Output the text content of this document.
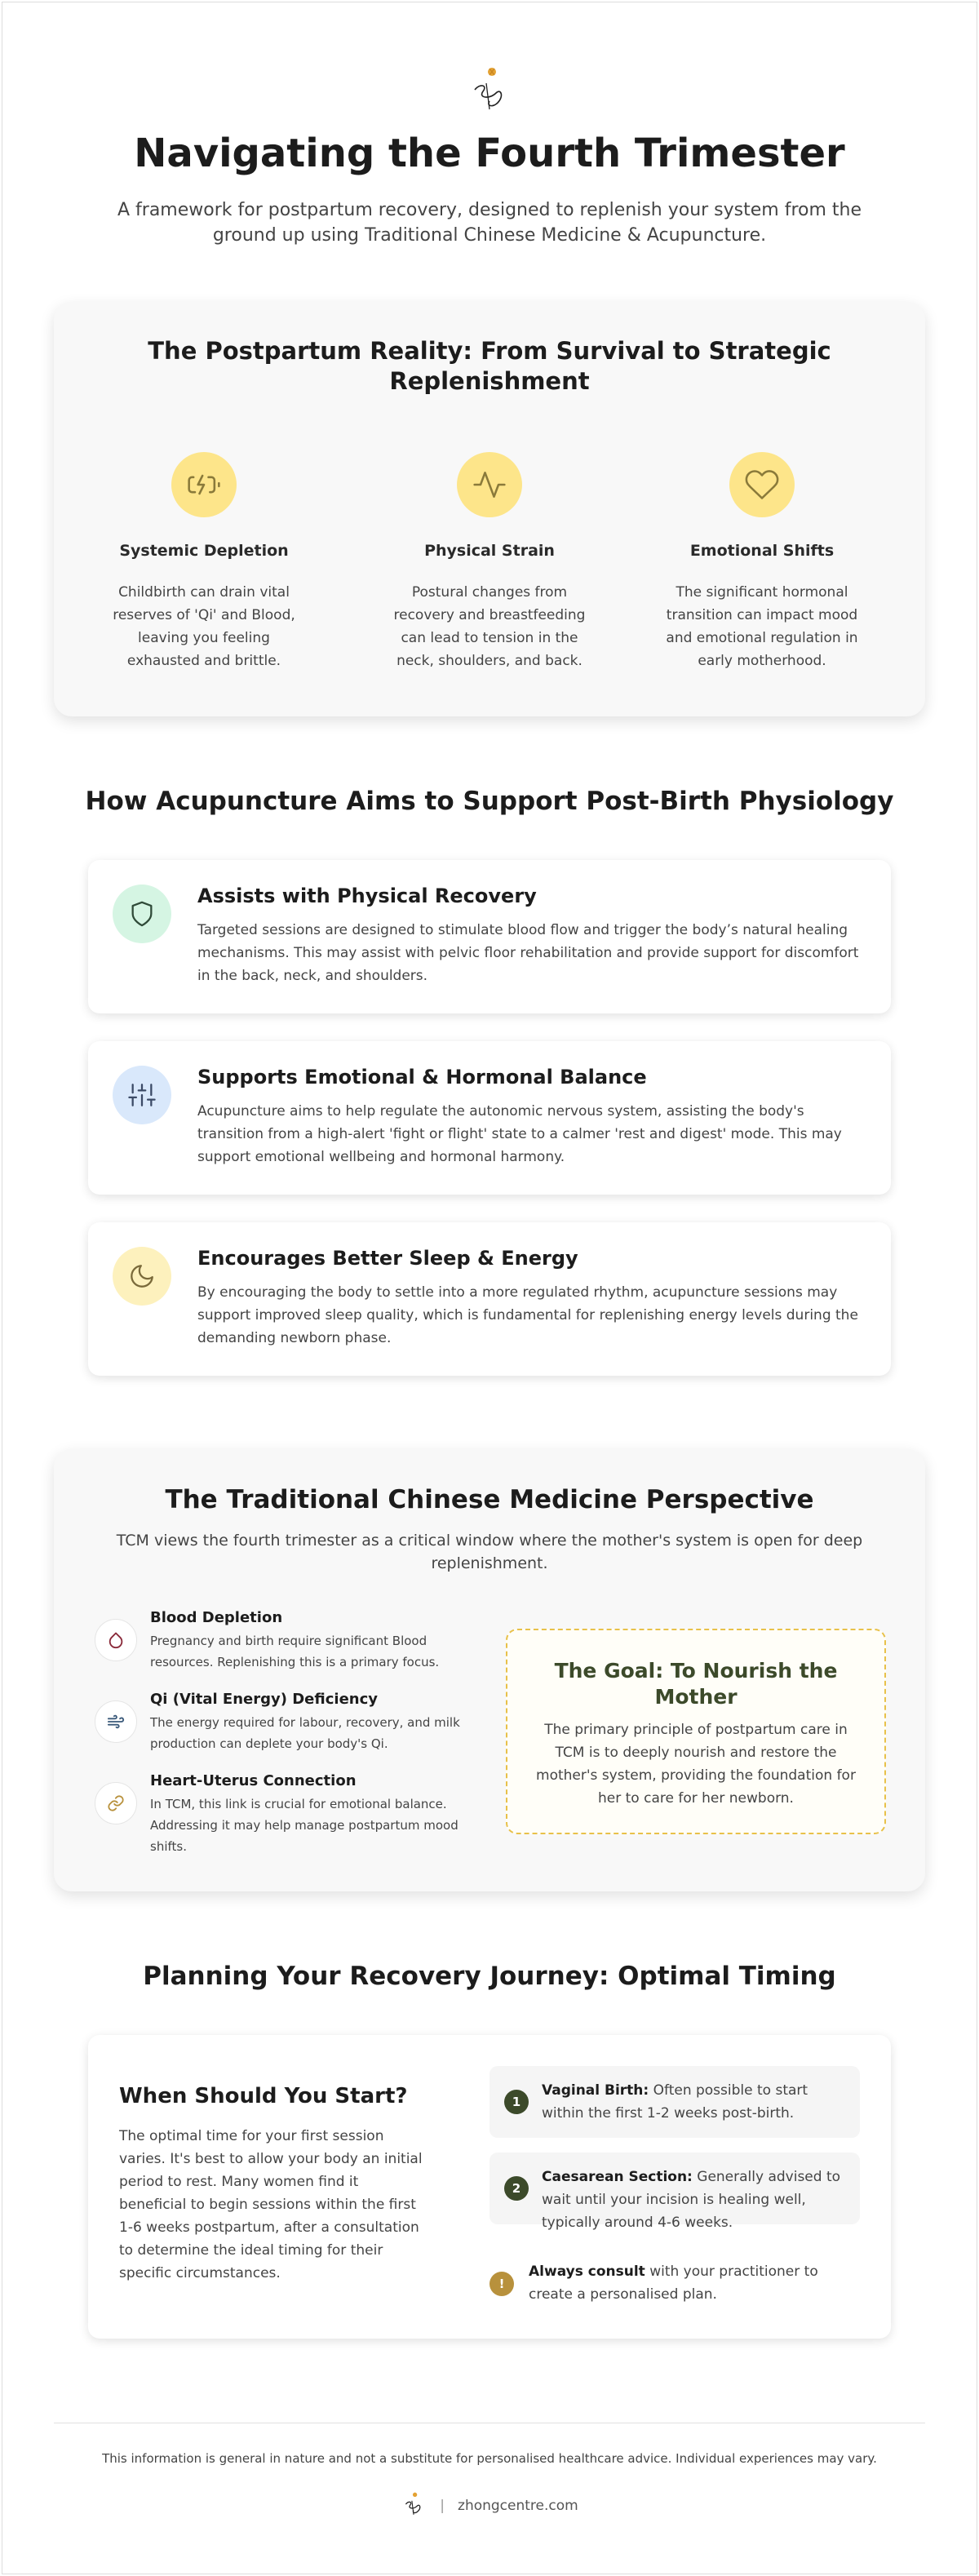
Navigating the Fourth Trimester

A framework for postpartum recovery, designed to replenish your system from the ground up using Traditional Chinese Medicine & Acupuncture.

The Postpartum Reality: From Survival to Strategic Replenishment
Systemic Depletion
Childbirth can drain vital reserves of 'Qi' and Blood, leaving you feeling exhausted and brittle.
Physical Strain
Postural changes from recovery and breastfeeding can lead to tension in the neck, shoulders, and back.
Emotional Shifts
The significant hormonal transition can impact mood and emotional regulation in early motherhood.
How Acupuncture Aims to Support Post-Birth Physiology
Assists with Physical Recovery
Targeted sessions are designed to stimulate blood flow and trigger the body’s natural healing mechanisms. This may assist with pelvic floor rehabilitation and provide support for discomfort in the back, neck, and shoulders.
Supports Emotional & Hormonal Balance
Acupuncture aims to help regulate the autonomic nervous system, assisting the body's transition from a high-alert 'fight or flight' state to a calmer 'rest and digest' mode. This may support emotional wellbeing and hormonal harmony.
Encourages Better Sleep & Energy
By encouraging the body to settle into a more regulated rhythm, acupuncture sessions may support improved sleep quality, which is fundamental for replenishing energy levels during the demanding newborn phase.
The Traditional Chinese Medicine Perspective

TCM views the fourth trimester as a critical window where the mother's system is open for deep replenishment.

Blood Depletion
Pregnancy and birth require significant Blood resources. Replenishing this is a primary focus.
Qi (Vital Energy) Deficiency
The energy required for labour, recovery, and milk production can deplete your body's Qi.
Heart-Uterus Connection
In TCM, this link is crucial for emotional balance. Addressing it may help manage postpartum mood shifts.
The Goal: To Nourish the Mother
The primary principle of postpartum care in TCM is to deeply nourish and restore the mother's system, providing the foundation for her to care for her newborn.
Planning Your Recovery Journey: Optimal Timing
When Should You Start?

The optimal time for your first session varies. It's best to allow your body an initial period to rest. Many women find it beneficial to begin sessions within the first 1-6 weeks postpartum, after a consultation to determine the ideal timing for their specific circumstances.

1
Vaginal Birth: Often possible to start within the first 1-2 weeks post-birth.
2
Caesarean Section: Generally advised to wait until your incision is healing well, typically around 4-6 weeks.
!
Always consult with your practitioner to create a personalised plan.

This information is general in nature and not a substitute for personalised healthcare advice. Individual experiences may vary.

| zhongcentre.com
